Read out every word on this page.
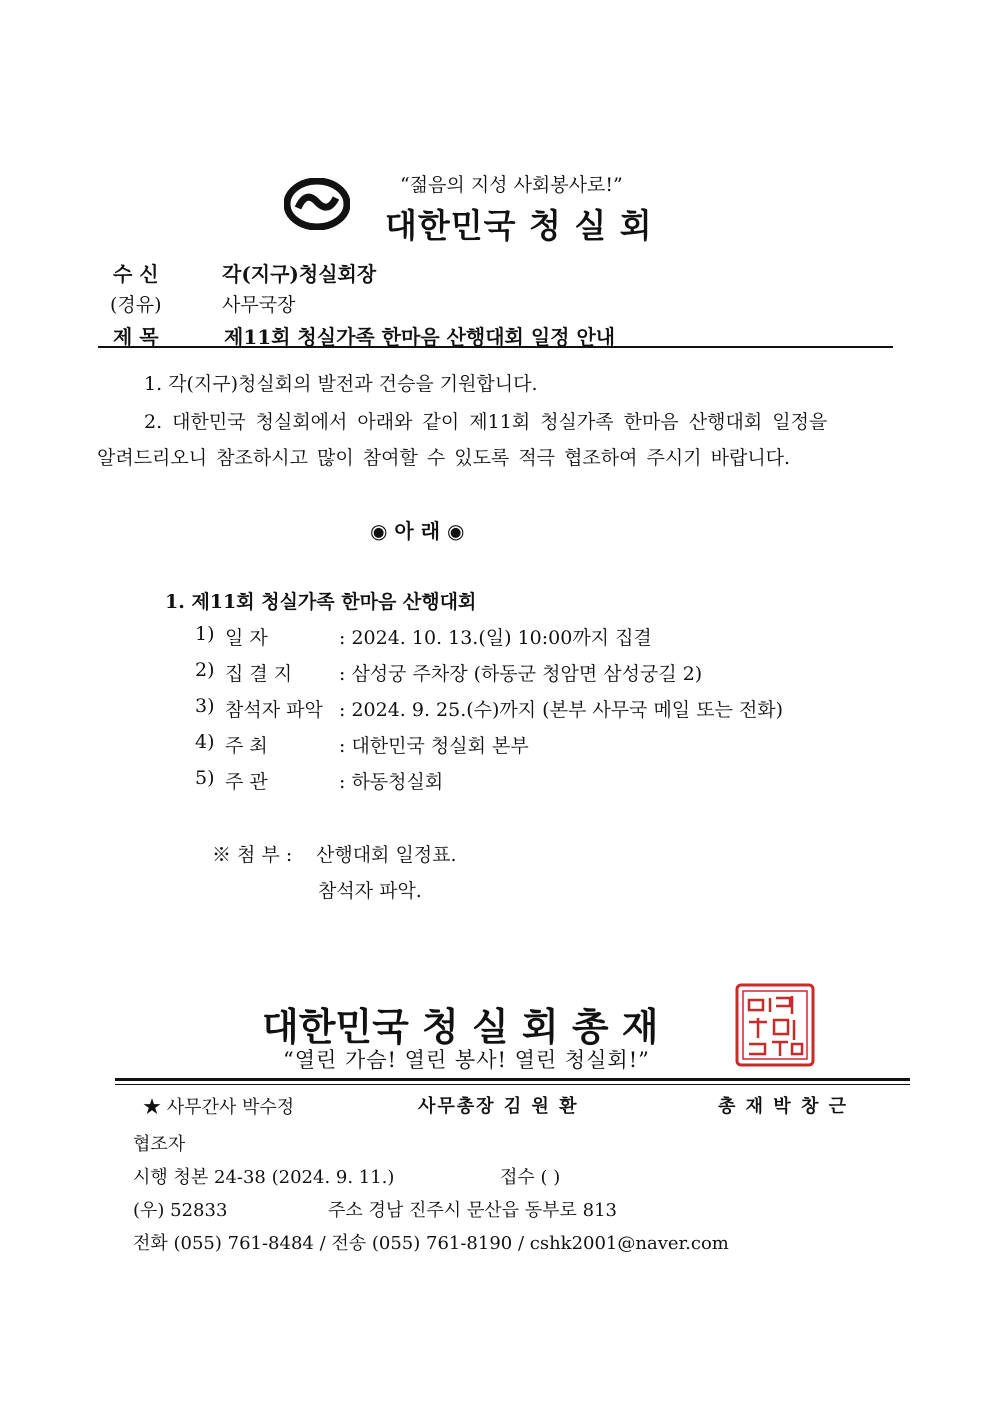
“젊음의 지성 사회봉사로!”
대한민국 청 실 회
수 신	각(지구)청실회장
(경유)	사무국장
제 목	제11회 청실가족 한마음 산행대회 일정 안내
1. 각(지구)청실회의 발전과 건승을 기원합니다.
2. 대한민국 청실회에서 아래와 같이 제11회 청실가족 한마음 산행대회 일정을
알려드리오니 참조하시고 많이 참여할 수 있도록 적극 협조하여 주시기 바랍니다.
◉ 아 래 ◉
1. 제11회 청실가족 한마음 산행대회
1) 일 자	: 2024. 10. 13.(일) 10:00까지 집결
2) 집 결 지 : 삼성궁 주차장 (하동군 청암면 삼성궁길 2)
3) 참석자 파악 : 2024. 9. 25.(수)까지 (본부 사무국 메일 또는 전화)
4) 주 최	: 대한민국 청실회 본부
5) 주 관	: 하동청실회
※ 첨 부 : 산행대회 일정표.
참석자 파악.
대한민국 청 실 회 총 재
“열린 가슴! 열린 봉사! 열린 청실회!”
★ 사무간사 박수정	사무총장 김 원 환	총 재 박 창 근
협조자
시행 청본 24-38 (2024. 9. 11.)	접수 ( )
(우) 52833	주소 경남 진주시 문산읍 동부로 813
전화 (055) 761-8484 / 전송 (055) 761-8190 / cshk2001@naver.com
